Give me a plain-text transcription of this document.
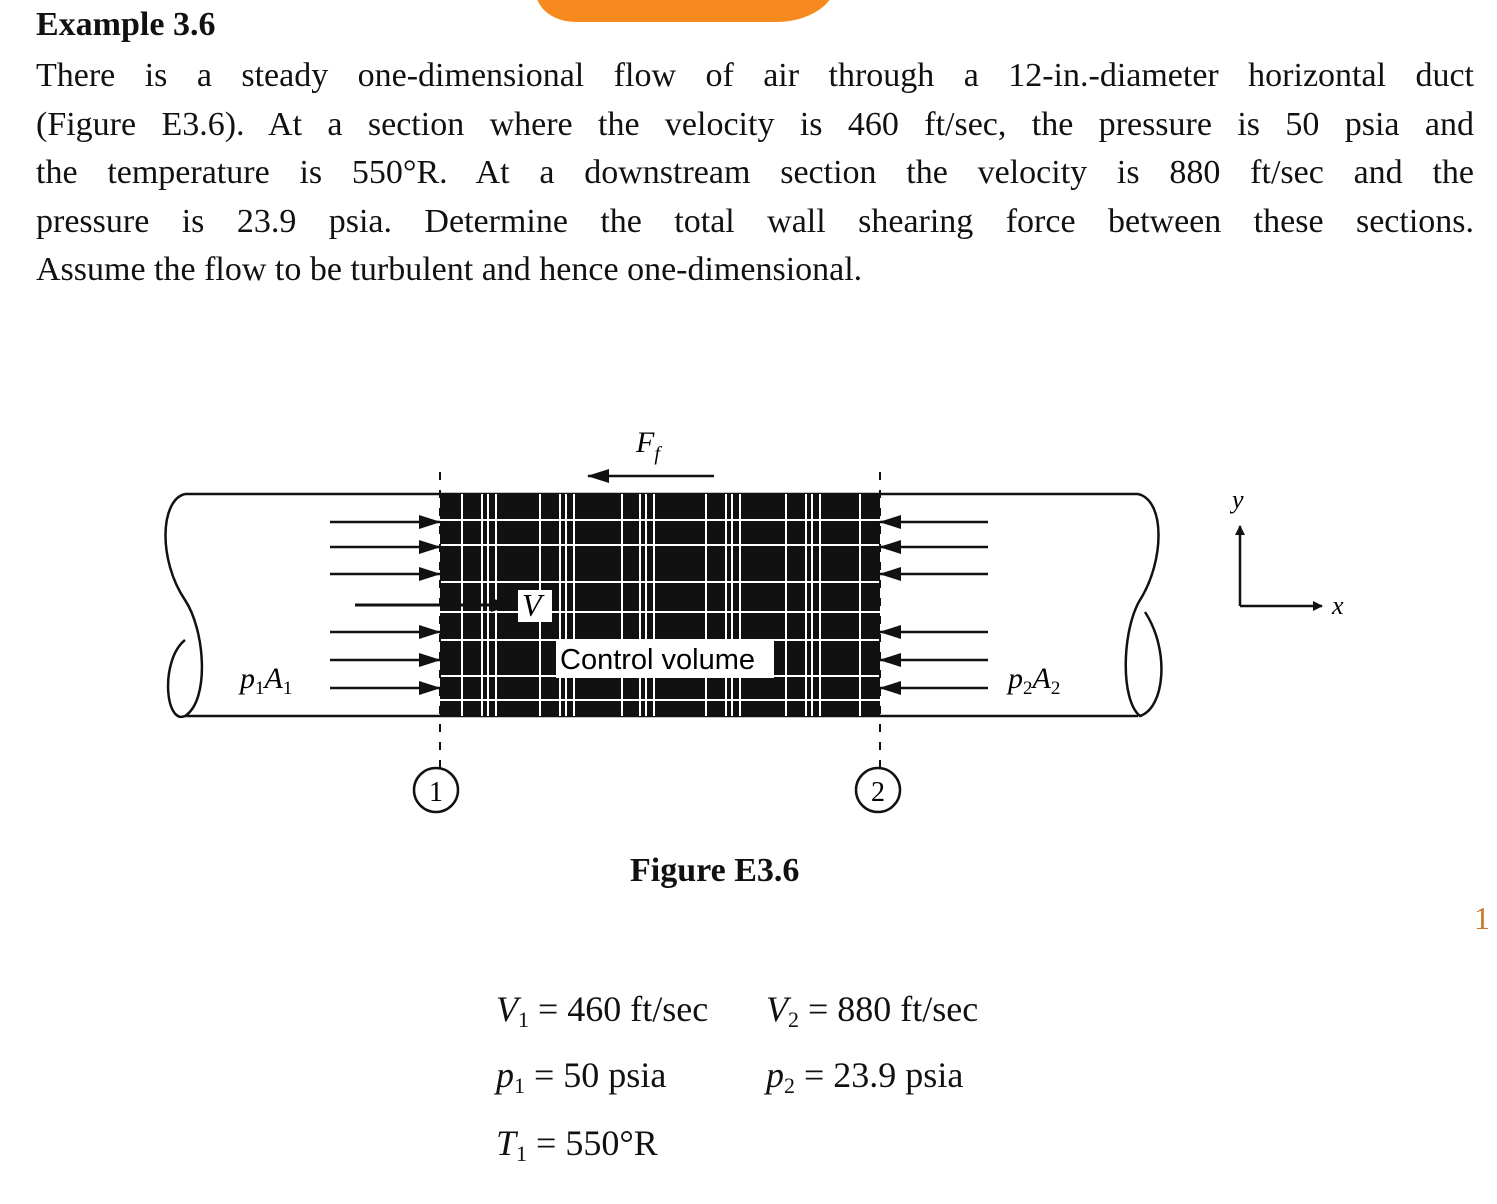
Example 3.6
There is a steady one-dimensional flow of air through a 12-in.-diameter horizontal duct
(Figure E3.6). At a section where the velocity is 460 ft/sec, the pressure is 50 psia and
the temperature is 550°R. At a downstream section the velocity is 880 ft/sec and the
pressure is 23.9 psia. Determine the total wall shearing force between these sections.
Assume the flow to be turbulent and hence one-dimensional.
$F_f$
V
Control volume
$p_1A_1$	$p_2A_2$
1	2
y
x
Figure E3.6
1
$V_1 = 460$ ft/sec $V_2 = 880$ ft/sec
$p_1 = 50$ psia	$p_2 = 23.9$ psia
$T_1 = 550^\circ R$
